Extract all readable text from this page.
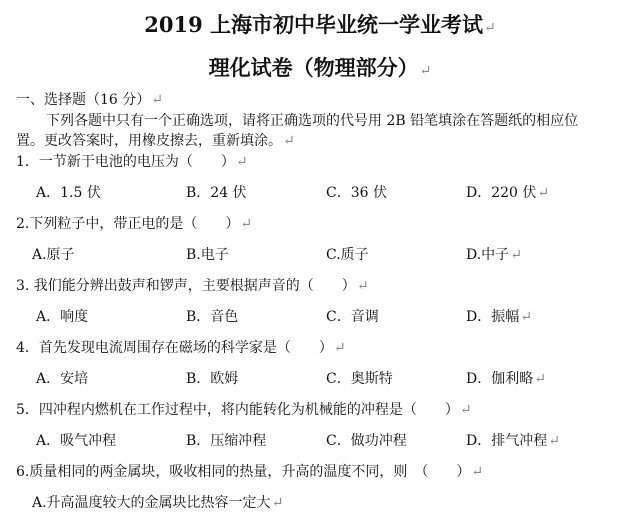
2019 上海市初中毕业统一学业考试↵
理化试卷（物理部分）↵
一、选择题（16 分）↵
下列各题中只有一个正确选项，请将正确选项的代号用 2B 铅笔填涂在答题纸的相应位
置。更改答案时，用橡皮擦去，重新填涂。↵
1．一节新干电池的电压为（　　）↵
A．1.5 伏	B．24 伏	C．36 伏	D．220 伏↵
2.下列粒子中，带正电的是（　　）↵
A.原子	B.电子	C.质子	D.中子↵
3. 我们能分辨出鼓声和锣声，主要根据声音的（　　）↵
A．响度	B．音色	C．音调	D．振幅↵
4．首先发现电流周围存在磁场的科学家是（　　）↵
A．安培	B．欧姆	C．奥斯特	D．伽利略↵
5．四冲程内燃机在工作过程中，将内能转化为机械能的冲程是（　　）↵
A．吸气冲程	B．压缩冲程	C．做功冲程	D．排气冲程↵
6.质量相同的两金属块，吸收相同的热量，升高的温度不同，则　（　　）↵
A.升高温度较大的金属块比热容一定大↵
